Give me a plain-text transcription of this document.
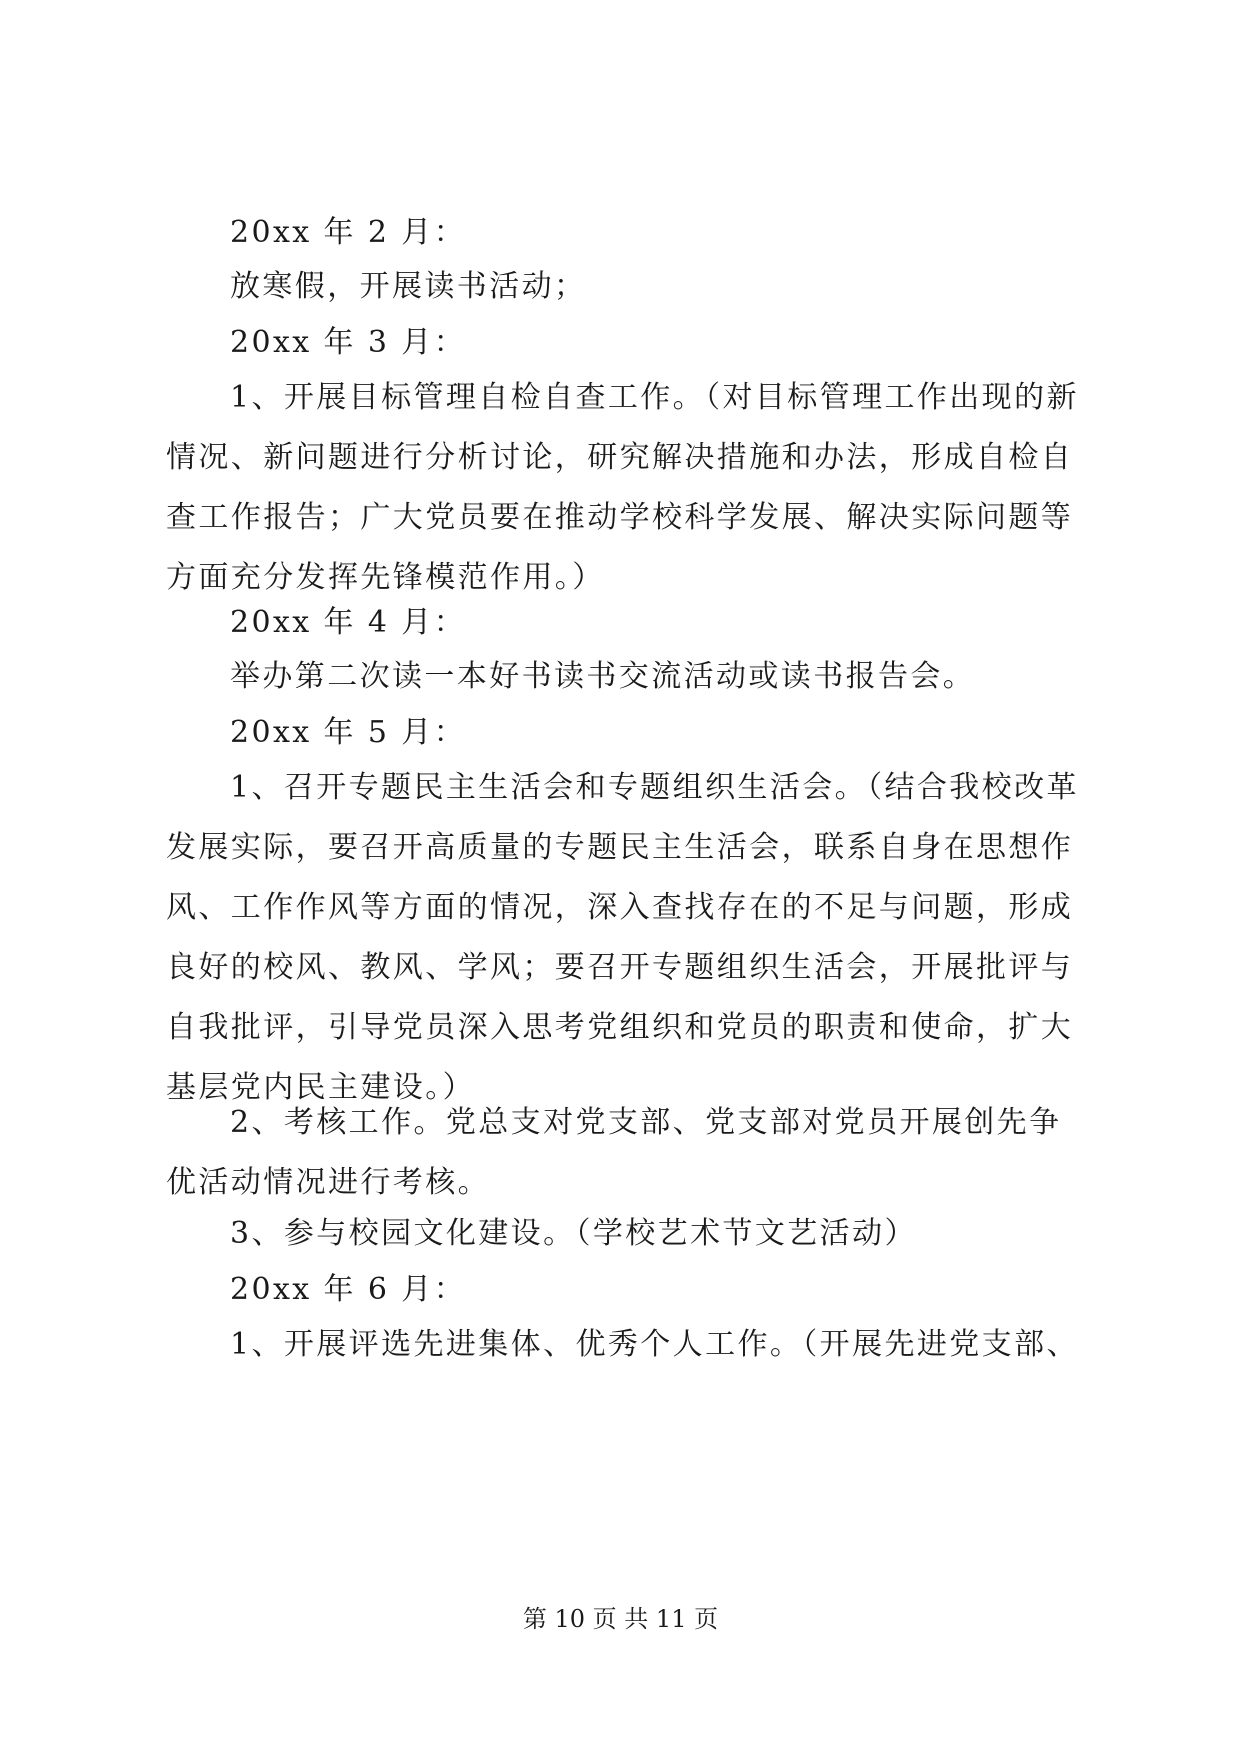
20xx 年 2 月：
放寒假，开展读书活动；
20xx 年 3 月：
1、开展目标管理自检自查工作。（对目标管理工作出现的新
情况、新问题进行分析讨论，研究解决措施和办法，形成自检自
查工作报告；广大党员要在推动学校科学发展、解决实际问题等
方面充分发挥先锋模范作用。）
20xx 年 4 月：
举办第二次读一本好书读书交流活动或读书报告会。
20xx 年 5 月：
1、召开专题民主生活会和专题组织生活会。（结合我校改革
发展实际，要召开高质量的专题民主生活会，联系自身在思想作
风、工作作风等方面的情况，深入查找存在的不足与问题，形成
良好的校风、教风、学风；要召开专题组织生活会，开展批评与
自我批评，引导党员深入思考党组织和党员的职责和使命，扩大
基层党内民主建设。）
2、考核工作。党总支对党支部、党支部对党员开展创先争
优活动情况进行考核。
3、参与校园文化建设。（学校艺术节文艺活动）
20xx 年 6 月：
1、开展评选先进集体、优秀个人工作。（开展先进党支部、
第 10 页 共 11 页
